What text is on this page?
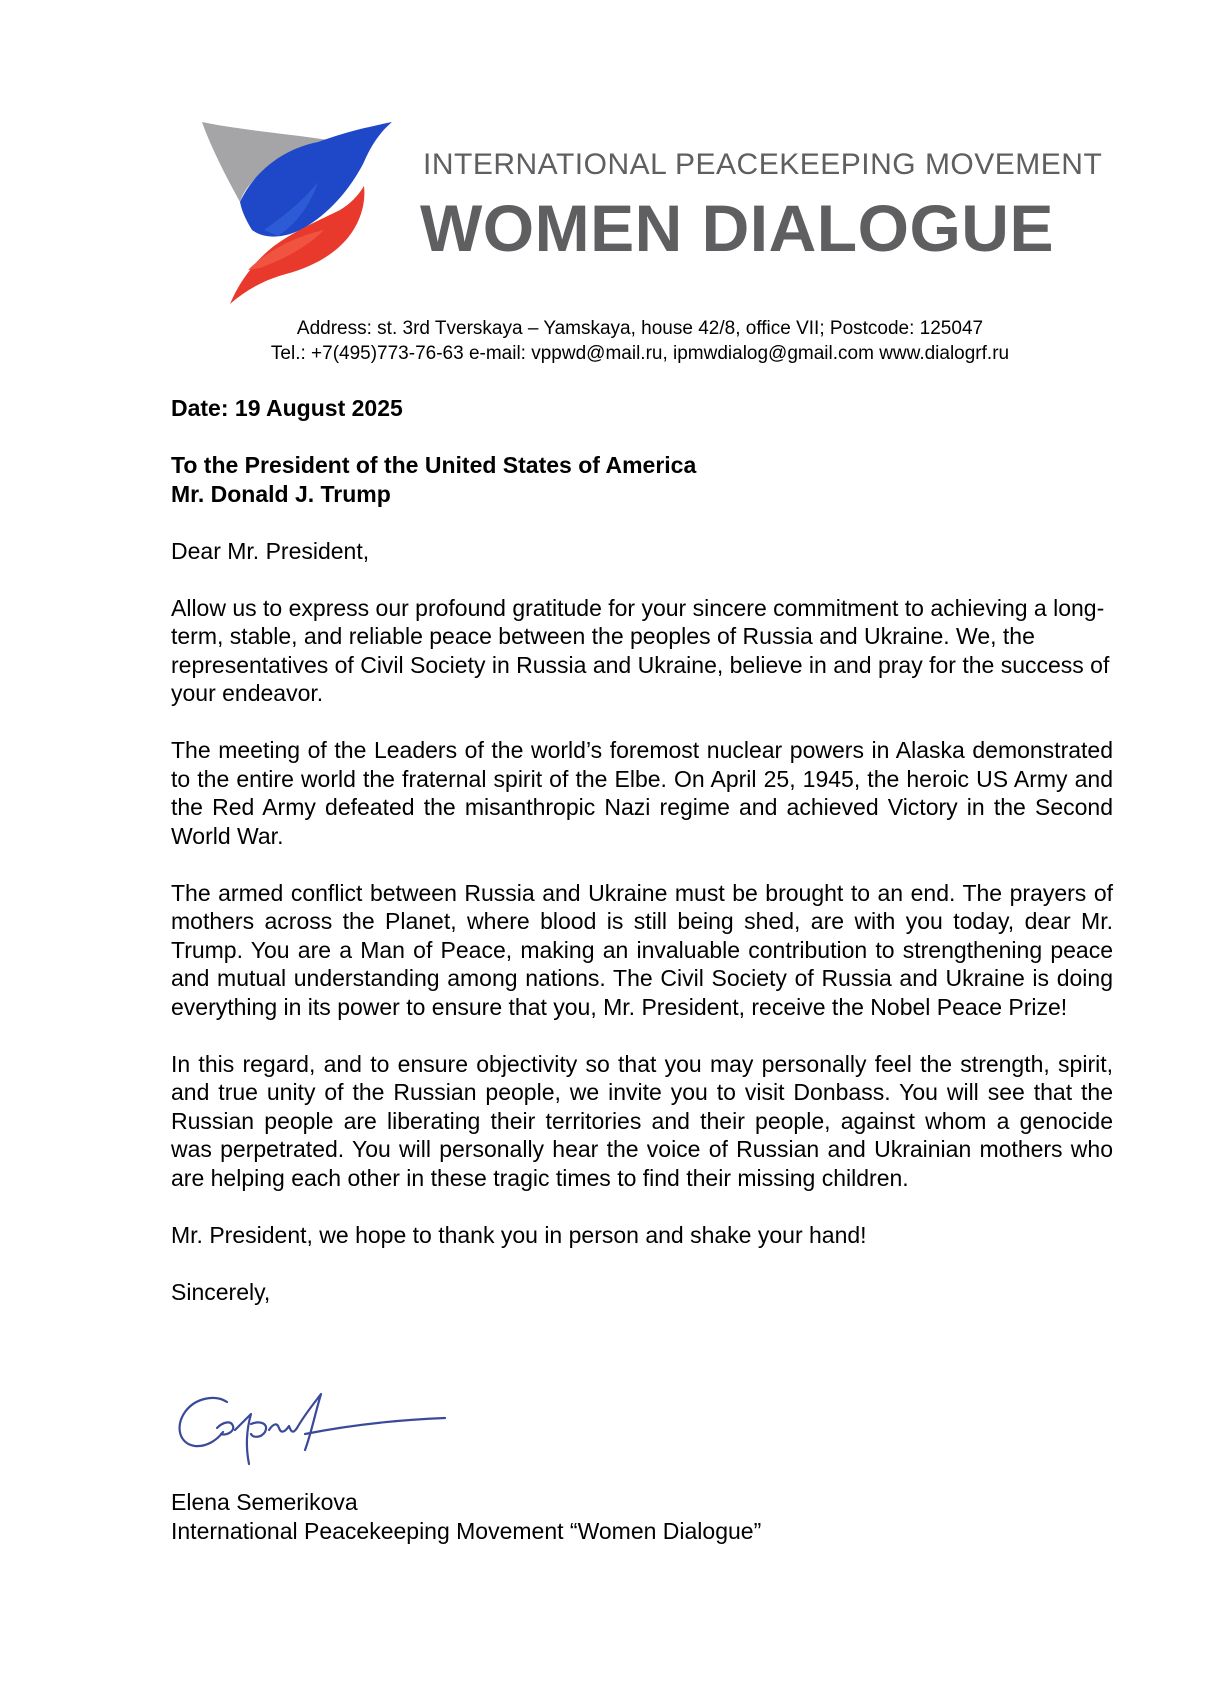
INTERNATIONAL PEACEKEEPING MOVEMENT
WOMEN DIALOGUE
Address: st. 3rd Tverskaya – Yamskaya, house 42/8, office VII; Postcode: 125047
Tel.: +7(495)773-76-63 e-mail: vppwd@mail.ru, ipmwdialog@gmail.com www.dialogrf.ru

Date: 19 August 2025

To the President of the United States of America
Mr. Donald J. Trump

Dear Mr. President,

Allow us to express our profound gratitude for your sincere commitment to achieving a long-term, stable, and reliable peace between the peoples of Russia and Ukraine. We, the representatives of Civil Society in Russia and Ukraine, believe in and pray for the success of your endeavor.

The meeting of the Leaders of the world’s foremost nuclear powers in Alaska demonstrated to the entire world the fraternal spirit of the Elbe. On April 25, 1945, the heroic US Army and the Red Army defeated the misanthropic Nazi regime and achieved Victory in the Second World War.

The armed conflict between Russia and Ukraine must be brought to an end. The prayers of mothers across the Planet, where blood is still being shed, are with you today, dear Mr. Trump. You are a Man of Peace, making an invaluable contribution to strengthening peace and mutual understanding among nations. The Civil Society of Russia and Ukraine is doing everything in its power to ensure that you, Mr. President, receive the Nobel Peace Prize!

In this regard, and to ensure objectivity so that you may personally feel the strength, spirit, and true unity of the Russian people, we invite you to visit Donbass. You will see that the Russian people are liberating their territories and their people, against whom a genocide was perpetrated. You will personally hear the voice of Russian and Ukrainian mothers who are helping each other in these tragic times to find their missing children.

Mr. President, we hope to thank you in person and shake your hand!

Sincerely,

Elena Semerikova
International Peacekeeping Movement “Women Dialogue”
